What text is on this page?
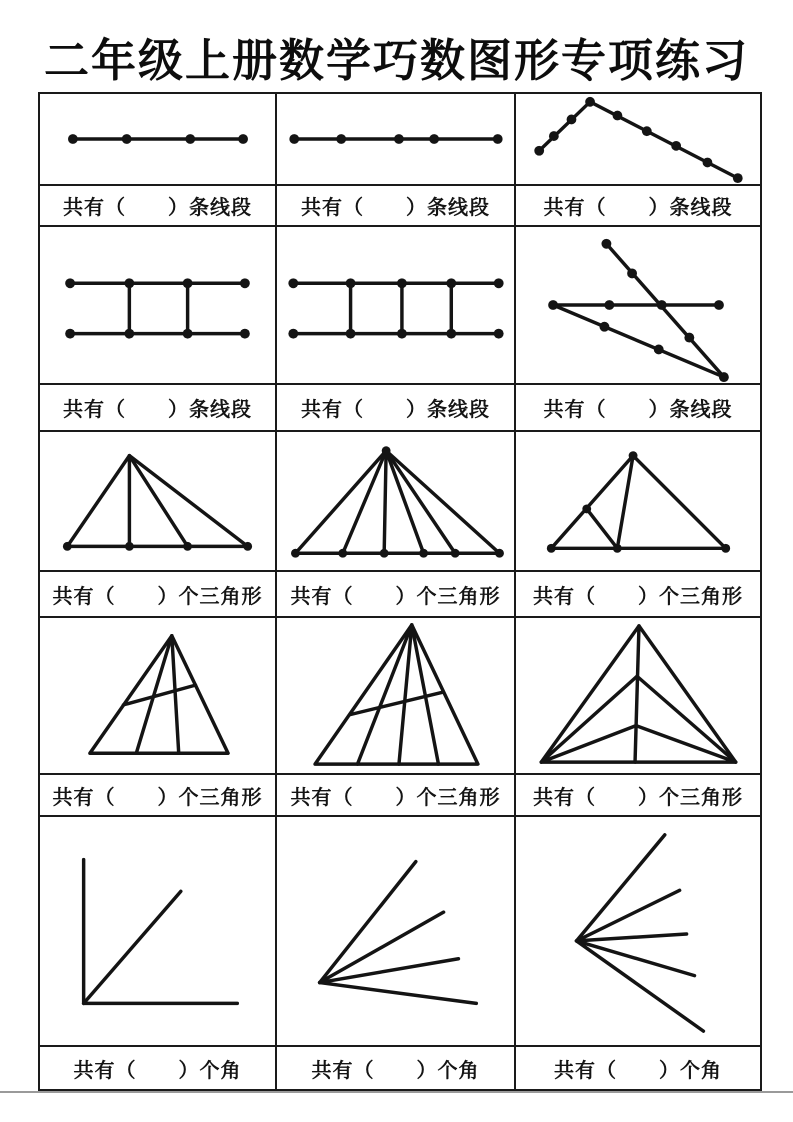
二年级上册数学巧数图形专项练习
共有（　　）条线段	共有（　　）条线段	共有（　　）条线段
共有（　　）条线段	共有（　　）条线段	共有（　　）条线段
共有（　　）个三角形	共有（　　）个三角形	共有（　　）个三角形
共有（　　）个三角形	共有（　　）个三角形	共有（　　）个三角形
共有（　　）个角	共有（　　）个角	共有（　　）个角
